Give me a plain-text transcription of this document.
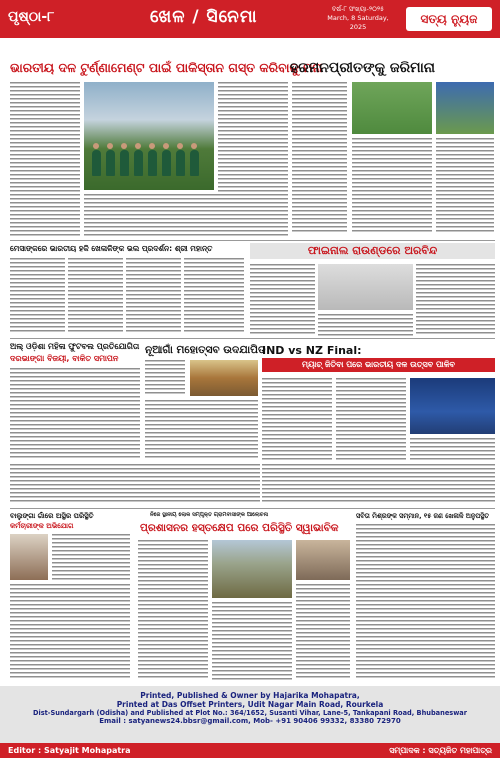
ପୃଷ୍ଠା-୮	ଖେଳ / ସିନେମା	ବର୍ଷ-୮ ସଂଖ୍ୟା-୨୦୨୫
March, 8 Saturday, 2025
ସତ୍ୟ ନ୍ୟୁଜ
ଭାରତୀୟ ଦଳ ଟୁର୍ଣ୍ଣାମେଣ୍ଟ ପାଇଁ ପାକିସ୍ତାନ ଗସ୍ତ କରିବାକୁ ମନା
ହରମନପ୍ରୀତଙ୍କୁ ଜରିମାନା
ମେସାଙ୍କରେ ଭାରତୀୟ ହକି ଖେଳାଳିଙ୍କ ଭଲ ପ୍ରଦର୍ଶନ: ଶ୍ରୀ ମହାନ୍ତ	ଫାଇନାଲ ରାଉଣ୍ଡରେ ଅରବିନ୍ଦ
ଅଲ୍ ଓଡ଼ିଶା ମହିଳା ଫୁଟବଲ ପ୍ରତିଯୋଗିତା
ଦରଭାଙ୍ଗା ବିଜୟୀ, ବାକିତ ସମାପନ
ନୂଆଗାଁ ମହୋତ୍ସବ ଉଦଯାପିତ
IND vs NZ Final:
ମ୍ୟାଚ୍ ଜିତିବା ପରେ ଭାରତୀୟ ଦଳ ଉତ୍ସବ ପାଳିବ
ବାଲୁଙ୍ଗା ଗାଁରେ ଅସ୍ଥିର ପରିସ୍ଥିତି
କର୍ମଚାରୀଙ୍କ ଅଭିଯୋଗ
ନିଜେ ସ୍ଥାନୀୟ ଲୋକ ସମ୍ପୃକ୍ତ ଗ୍ରାମବାସୀଙ୍କ ଆଲୋଚନା
ପ୍ରଶାସନର ହସ୍ତକ୍ଷେପ ପରେ ପରିସ୍ଥିତି ସ୍ୱାଭାବିକ
ସବିତା ମିଶ୍ରଙ୍କ ସମ୍ମାନ, ୧୫ ଜଣ ଖେଳାଳି ଅନୁପସ୍ଥିତ
Printed, Published & Owner by Hajarika Mohapatra,
Printed at Das Offset Printers, Udit Nagar Main Road, Rourkela
Dist-Sundargarh (Odisha) and Published at Plot No.: 364/1652, Susanti Vihar, Lane-5, Tankapani Road, Bhubaneswar
Email : satyanews24.bbsr@gmail.com, Mob- +91 90406 99332, 83380 72970
Editor : Satyajit Mohapatra	ସମ୍ପାଦକ : ସତ୍ୟଜିତ ମହାପାତ୍ର
